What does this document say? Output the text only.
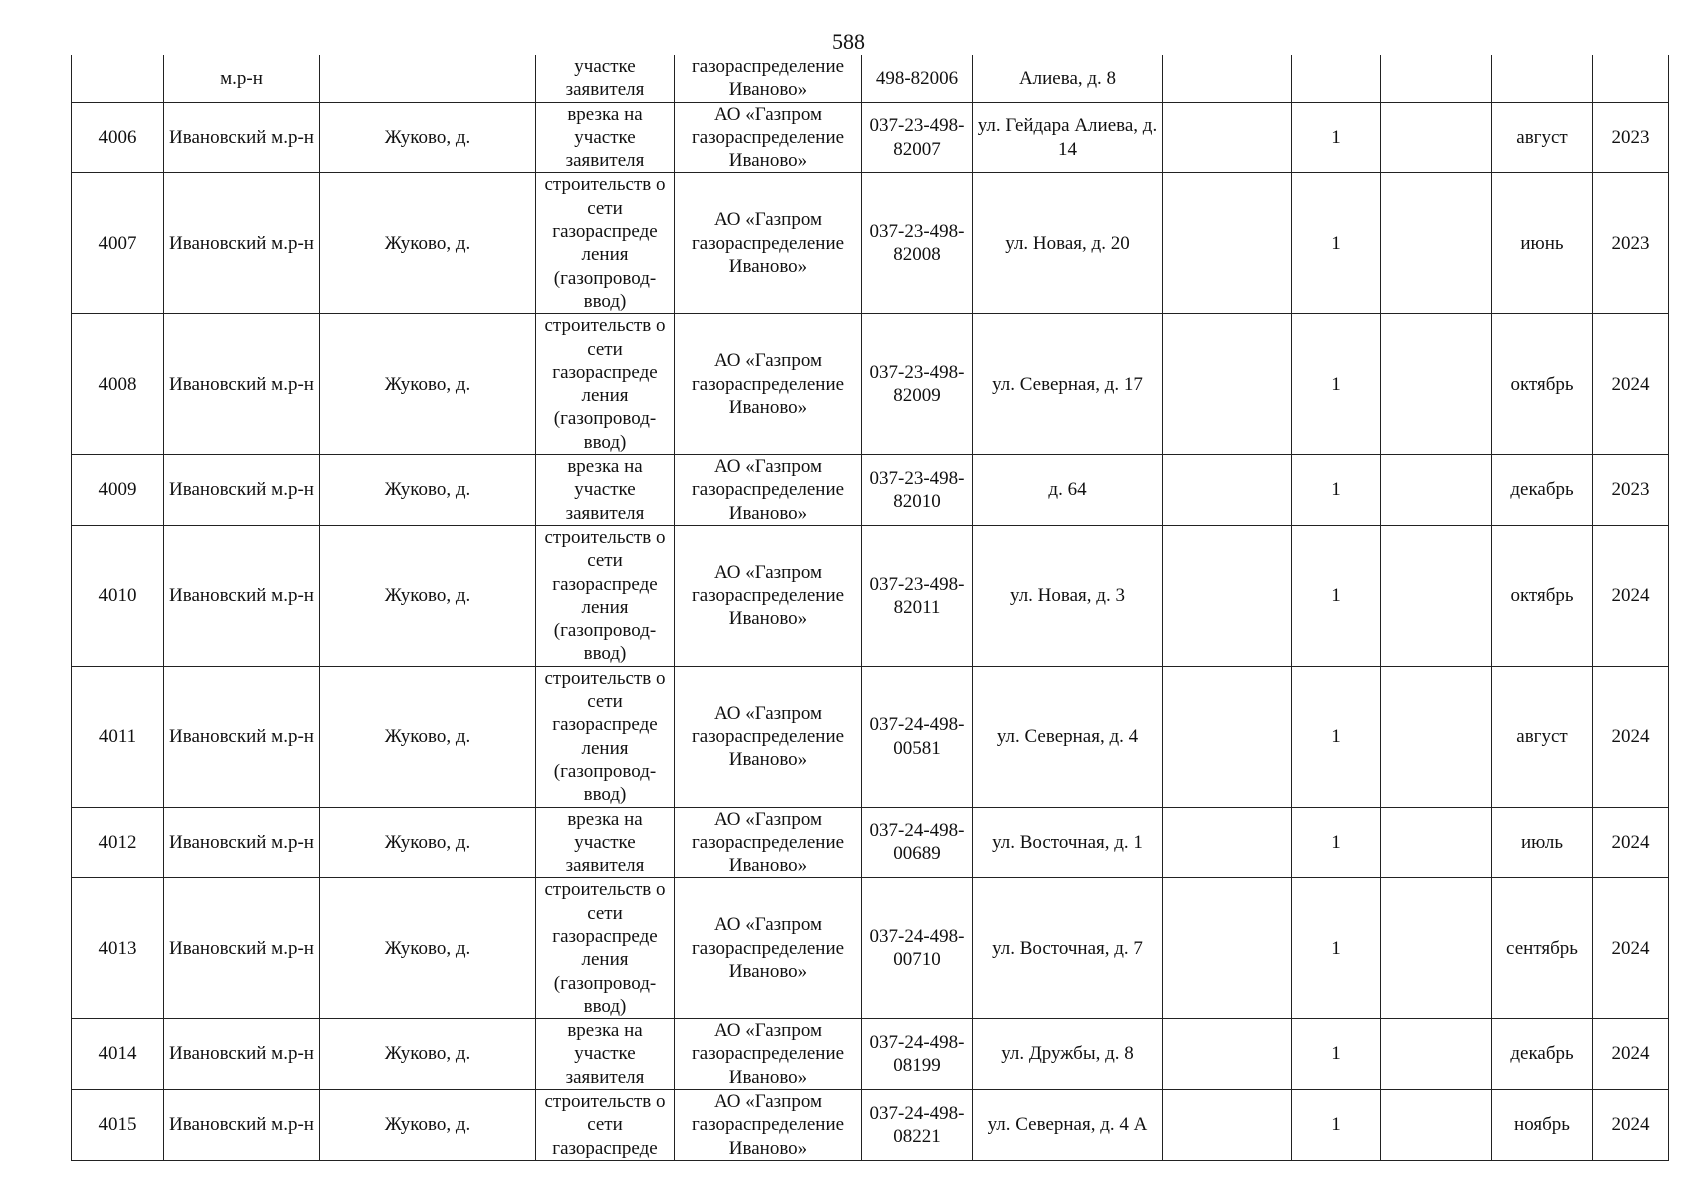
588
	м.р-н		участке заявителя	газораспределение Иваново»	498-82006	Алиева, д. 8					
4006	Ивановский м.р-н	Жуково, д.	врезка на участке заявителя	АО «Газпром газораспределение Иваново»	037-23-498-82007	ул. Гейдара Алиева, д. 14		1		август	2023
4007	Ивановский м.р-н	Жуково, д.	строительств о сети газораспреде ления (газопровод-ввод)	АО «Газпром газораспределение Иваново»	037-23-498-82008	ул. Новая, д. 20		1		июнь	2023
4008	Ивановский м.р-н	Жуково, д.	строительств о сети газораспреде ления (газопровод-ввод)	АО «Газпром газораспределение Иваново»	037-23-498-82009	ул. Северная, д. 17		1		октябрь	2024
4009	Ивановский м.р-н	Жуково, д.	врезка на участке заявителя	АО «Газпром газораспределение Иваново»	037-23-498-82010	д. 64		1		декабрь	2023
4010	Ивановский м.р-н	Жуково, д.	строительств о сети газораспреде ления (газопровод-ввод)	АО «Газпром газораспределение Иваново»	037-23-498-82011	ул. Новая, д. 3		1		октябрь	2024
4011	Ивановский м.р-н	Жуково, д.	строительств о сети газораспреде ления (газопровод-ввод)	АО «Газпром газораспределение Иваново»	037-24-498-00581	ул. Северная, д. 4		1		август	2024
4012	Ивановский м.р-н	Жуково, д.	врезка на участке заявителя	АО «Газпром газораспределение Иваново»	037-24-498-00689	ул. Восточная, д. 1		1		июль	2024
4013	Ивановский м.р-н	Жуково, д.	строительств о сети газораспреде ления (газопровод-ввод)	АО «Газпром газораспределение Иваново»	037-24-498-00710	ул. Восточная, д. 7		1		сентябрь	2024
4014	Ивановский м.р-н	Жуково, д.	врезка на участке заявителя	АО «Газпром газораспределение Иваново»	037-24-498-08199	ул. Дружбы, д. 8		1		декабрь	2024
4015	Ивановский м.р-н	Жуково, д.	строительств о сети газораспреде	АО «Газпром газораспределение Иваново»	037-24-498-08221	ул. Северная, д. 4 А		1		ноябрь	2024
